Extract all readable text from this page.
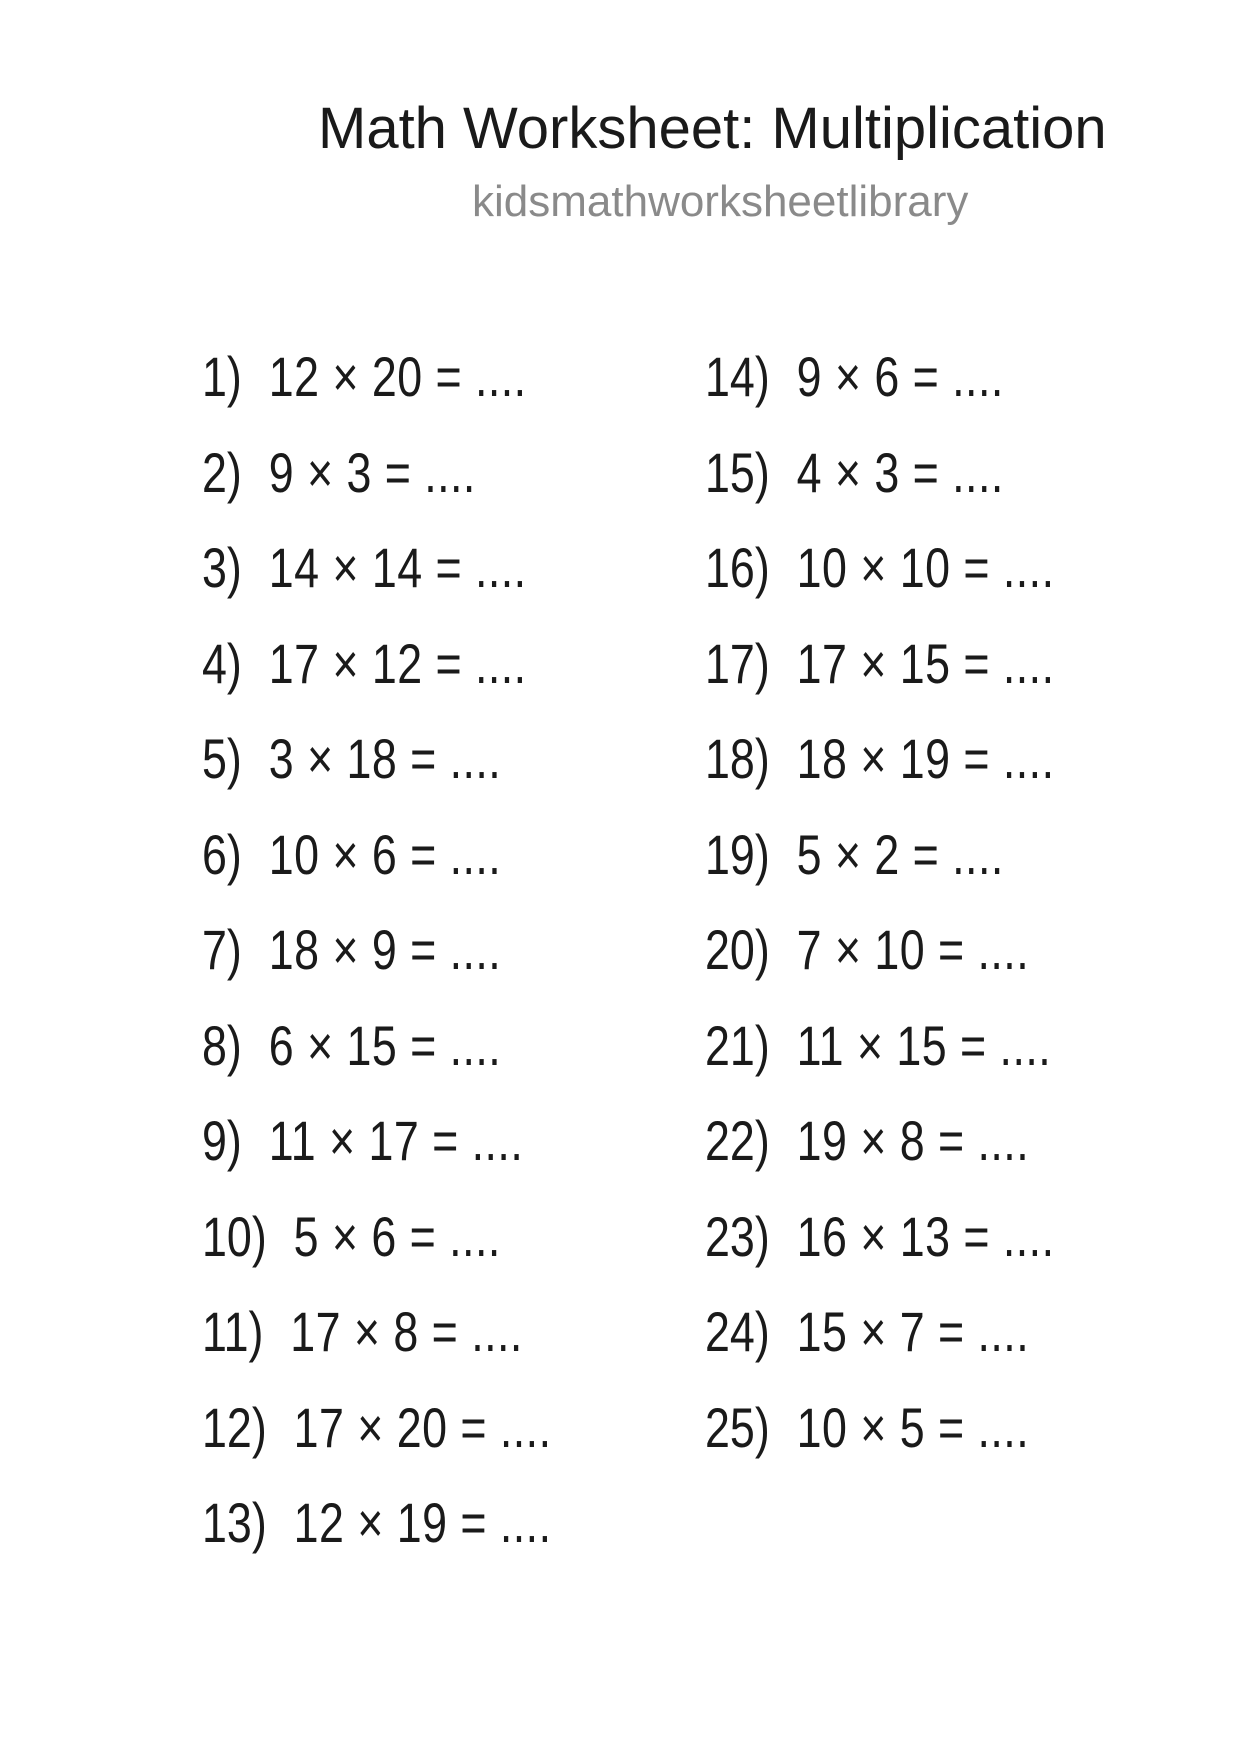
Math Worksheet: Multiplication
kidsmathworksheetlibrary
1) 12 × 20 = ....
2) 9 × 3 = ....
3) 14 × 14 = ....
4) 17 × 12 = ....
5) 3 × 18 = ....
6) 10 × 6 = ....
7) 18 × 9 = ....
8) 6 × 15 = ....
9) 11 × 17 = ....
10) 5 × 6 = ....
11) 17 × 8 = ....
12) 17 × 20 = ....
13) 12 × 19 = ....
14) 9 × 6 = ....
15) 4 × 3 = ....
16) 10 × 10 = ....
17) 17 × 15 = ....
18) 18 × 19 = ....
19) 5 × 2 = ....
20) 7 × 10 = ....
21) 11 × 15 = ....
22) 19 × 8 = ....
23) 16 × 13 = ....
24) 15 × 7 = ....
25) 10 × 5 = ....
